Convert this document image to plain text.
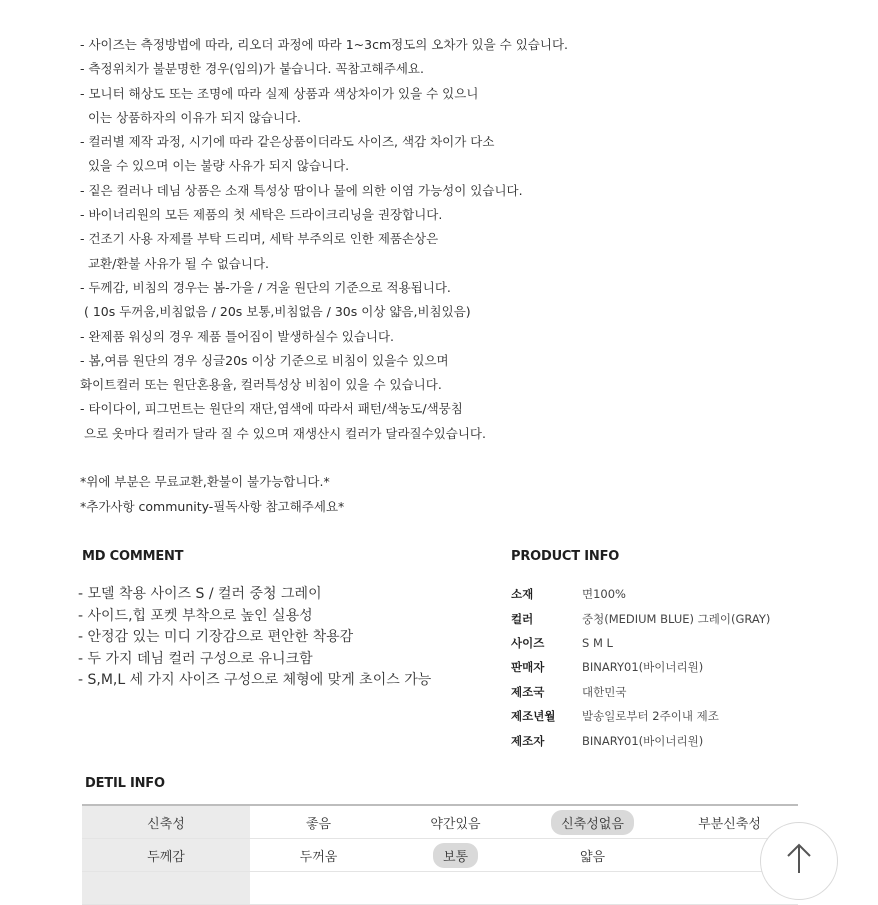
- 사이즈는 측정방법에 따라, 리오더 과정에 따라 1~3cm정도의 오차가 있을 수 있습니다.
- 측정위치가 불분명한 경우(임의)가 붙습니다. 꼭참고해주세요.
- 모니터 해상도 또는 조명에 따라 실제 상품과 색상차이가 있을 수 있으니
이는 상품하자의 이유가 되지 않습니다.
- 컬러별 제작 과정, 시기에 따라 같은상품이더라도 사이즈, 색감 차이가 다소
있을 수 있으며 이는 불량 사유가 되지 않습니다.
- 짙은 컬러나 데님 상품은 소재 특성상 땀이나 물에 의한 이염 가능성이 있습니다.
- 바이너리원의 모든 제품의 첫 세탁은 드라이크리닝을 권장합니다.
- 건조기 사용 자제를 부탁 드리며, 세탁 부주의로 인한 제품손상은
교환/환불 사유가 될 수 없습니다.
- 두께감, 비침의 경우는 봄-가을 / 겨울 원단의 기준으로 적용됩니다.
( 10s 두꺼움,비침없음 / 20s 보통,비침없음 / 30s 이상 얇음,비침있음)
- 완제품 워싱의 경우 제품 틀어짐이 발생하실수 있습니다.
- 봄,여름 원단의 경우 싱글20s 이상 기준으로 비침이 있을수 있으며
화이트컬러 또는 원단혼용율, 컬러특성상 비침이 있을 수 있습니다.
- 타이다이, 피그먼트는 원단의 재단,염색에 따라서 패턴/색농도/색뭉침
으로 옷마다 컬러가 달라 질 수 있으며 재생산시 컬러가 달라질수있습니다.
*위에 부분은 무료교환,환불이 불가능합니다.*
*추가사항 community-필독사항 참고해주세요*
MD COMMENT
- 모델 착용 사이즈 S / 컬러 중청 그레이
- 사이드,힙 포켓 부착으로 높인 실용성
- 안정감 있는 미디 기장감으로 편안한 착용감
- 두 가지 데님 컬러 구성으로 유니크함
- S,M,L 세 가지 사이즈 구성으로 체형에 맞게 초이스 가능
PRODUCT INFO
소재	면100%
컬러	중청(MEDIUM BLUE) 그레이(GRAY)
사이즈	S M L
판매자	BINARY01(바이너리원)
제조국	대한민국
제조년월	발송일로부터 2주이내 제조
제조자	BINARY01(바이너리원)
DETIL INFO
신축성	좋음	약간있음	신축성없음	부분신축성
두께감	두꺼움	보통	얇음
